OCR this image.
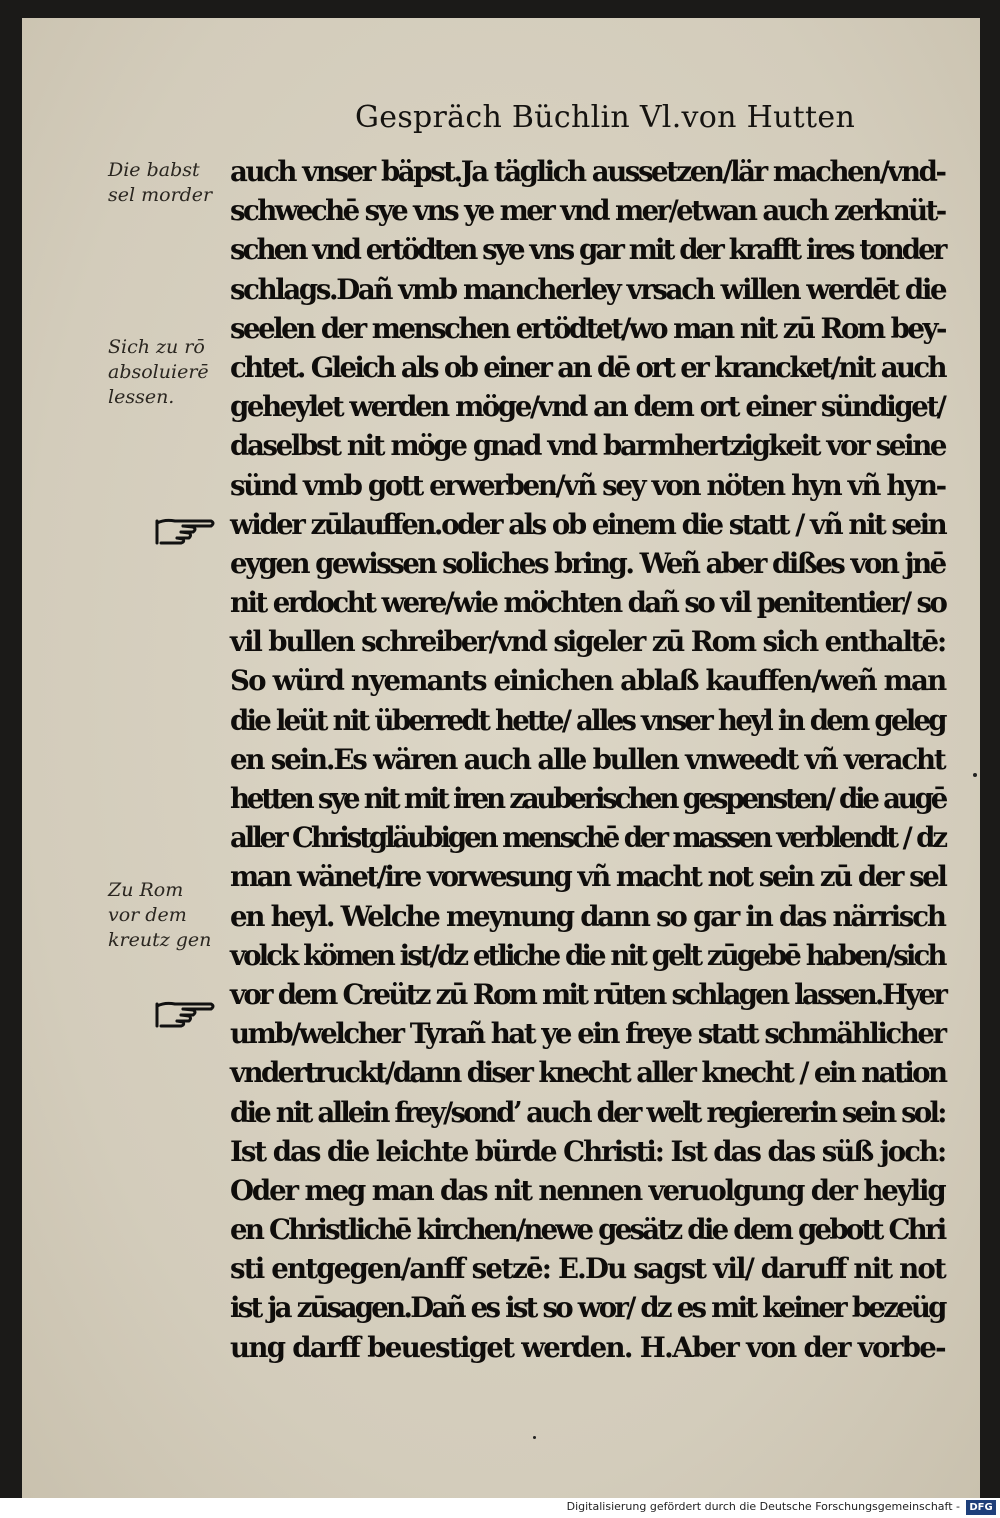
Gespräch Büchlin Vl.von Hutten
auch vnser bäpst.Ja täglich aussetzen/lär machen/vnd-
schwechē sye vns ye mer vnd mer/etwan auch zerknüt-
schen vnd ertödten sye vns gar mit der krafft ires tonder
schlags.Dañ vmb mancherley vrsach willen werdēt die
seelen der menschen ertödtet/wo man nit zū Rom bey-
chtet. Gleich als ob einer an dē ort er krancket/nit auch
geheylet werden möge/vnd an dem ort einer sündiget/
daselbst nit möge gnad vnd barmhertzigkeit vor seine
sünd vmb gott erwerben/vñ sey von nöten hyn vñ hyn-
wider zūlauffen.oder als ob einem die statt / vñ nit sein
eygen gewissen soliches bring. Weñ aber dißes von jnē
nit erdocht were/wie möchten dañ so vil penitentier/ so
vil bullen schreiber/vnd sigeler zū Rom sich enthaltē:
So würd nyemants einichen ablaß kauffen/weñ man
die leüt nit überredt hette/ alles vnser heyl in dem geleg
en sein.Es wären auch alle bullen vnweedt vñ veracht
hetten sye nit mit iren zauberischen gespensten/ die augē
aller Christgläubigen menschē der massen verblendt / dz
man wänet/ire vorwesung vñ macht not sein zū der sel
en heyl. Welche meynung dann so gar in das närrisch
volck kömen ist/dz etliche die nit gelt zūgebē haben/sich
vor dem Creütz zū Rom mit rūten schlagen lassen.Hyer
umb/welcher Tyrañ hat ye ein freye statt schmählicher
vndertruckt/dann diser knecht aller knecht / ein nation
die nit allein frey/sondʼ auch der welt regiererin sein sol:
Ist das die leichte bürde Christi: Ist das das süß joch:
Oder meg man das nit nennen veruolgung der heylig
en Christlichē kirchen/newe gesätz die dem gebott Chri
sti entgegen/anff setzē: E.Du sagst vil/ daruff nit not
ist ja zūsagen.Dañ es ist so wor/ dz es mit keiner bezeüg
ung darff beuestiget werden. H.Aber von der vorbe-
Die babst
sel morder
Sich zu rō
absoluierē
lessen.
Zu Rom
vor dem
kreutz gen
Digitalisierung gefördert durch die Deutsche Forschungsgemeinschaft - DFG
